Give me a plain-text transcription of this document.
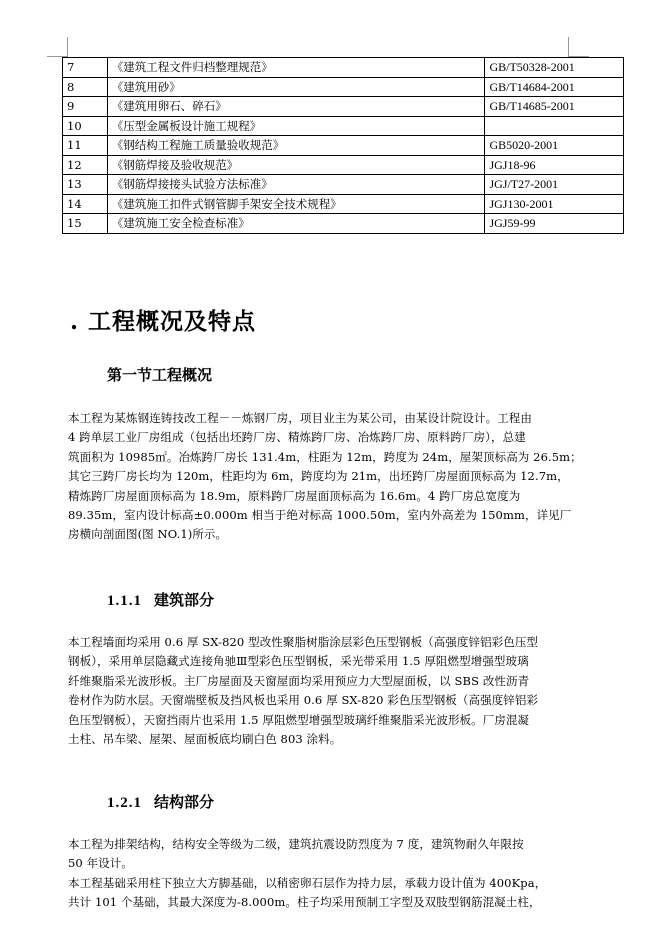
7	《建筑工程文件归档整理规范》	GB/T50328-2001
8	《建筑用砂》	GB/T14684-2001
9	《建筑用卵石、碎石》	GB/T14685-2001
10	《压型金属板设计施工规程》	
11	《钢结构工程施工质量验收规范》	GB5020-2001
12	《钢筋焊接及验收规范》	JGJ18-96
13	《钢筋焊接接头试验方法标准》	JGJ/T27-2001
14	《建筑施工扣件式钢管脚手架安全技术规程》	JGJ130-2001
15	《建筑施工安全检查标准》	JGJ59-99
. 工程概况及特点
第一节工程概况
本工程为某炼钢连铸技改工程－－炼钢厂房，项目业主为某公司，由某设计院设计。工程由
4 跨单层工业厂房组成（包括出坯跨厂房、精炼跨厂房、冶炼跨厂房、原料跨厂房），总建
筑面积为 10985㎡。冶炼跨厂房长 131.4m，柱距为 12m，跨度为 24m，屋架顶标高为 26.5m；
其它三跨厂房长均为 120m，柱距均为 6m，跨度均为 21m，出坯跨厂房屋面顶标高为 12.7m，
精炼跨厂房屋面顶标高为 18.9m，原料跨厂房屋面顶标高为 16.6m。4 跨厂房总宽度为
89.35m，室内设计标高±0.000m 相当于绝对标高 1000.50m，室内外高差为 150mm，详见厂
房横向剖面图(图 NO.1)所示。
1.1.1 建筑部分
本工程墙面均采用 0.6 厚 SX-820 型改性聚脂树脂涂层彩色压型钢板（高强度锌铝彩色压型
钢板），采用单层隐藏式连接角驰Ⅲ型彩色压型钢板，采光带采用 1.5 厚阻燃型增强型玻璃
纤维聚脂采光波形板。主厂房屋面及天窗屋面均采用预应力大型屋面板，以 SBS 改性沥青
卷材作为防水层。天窗端壁板及挡风板也采用 0.6 厚 SX-820 彩色压型钢板（高强度锌铝彩
色压型钢板），天窗挡雨片也采用 1.5 厚阻燃型增强型玻璃纤维聚脂采光波形板。厂房混凝
土柱、吊车梁、屋架、屋面板底均刷白色 803 涂料。
1.2.1 结构部分
本工程为排架结构，结构安全等级为二级，建筑抗震设防烈度为 7 度，建筑物耐久年限按
50 年设计。
本工程基础采用柱下独立大方脚基础，以稍密卵石层作为持力层，承载力设计值为 400Kpa，
共计 101 个基础，其最大深度为-8.000m。柱子均采用预制工字型及双肢型钢筋混凝土柱，
